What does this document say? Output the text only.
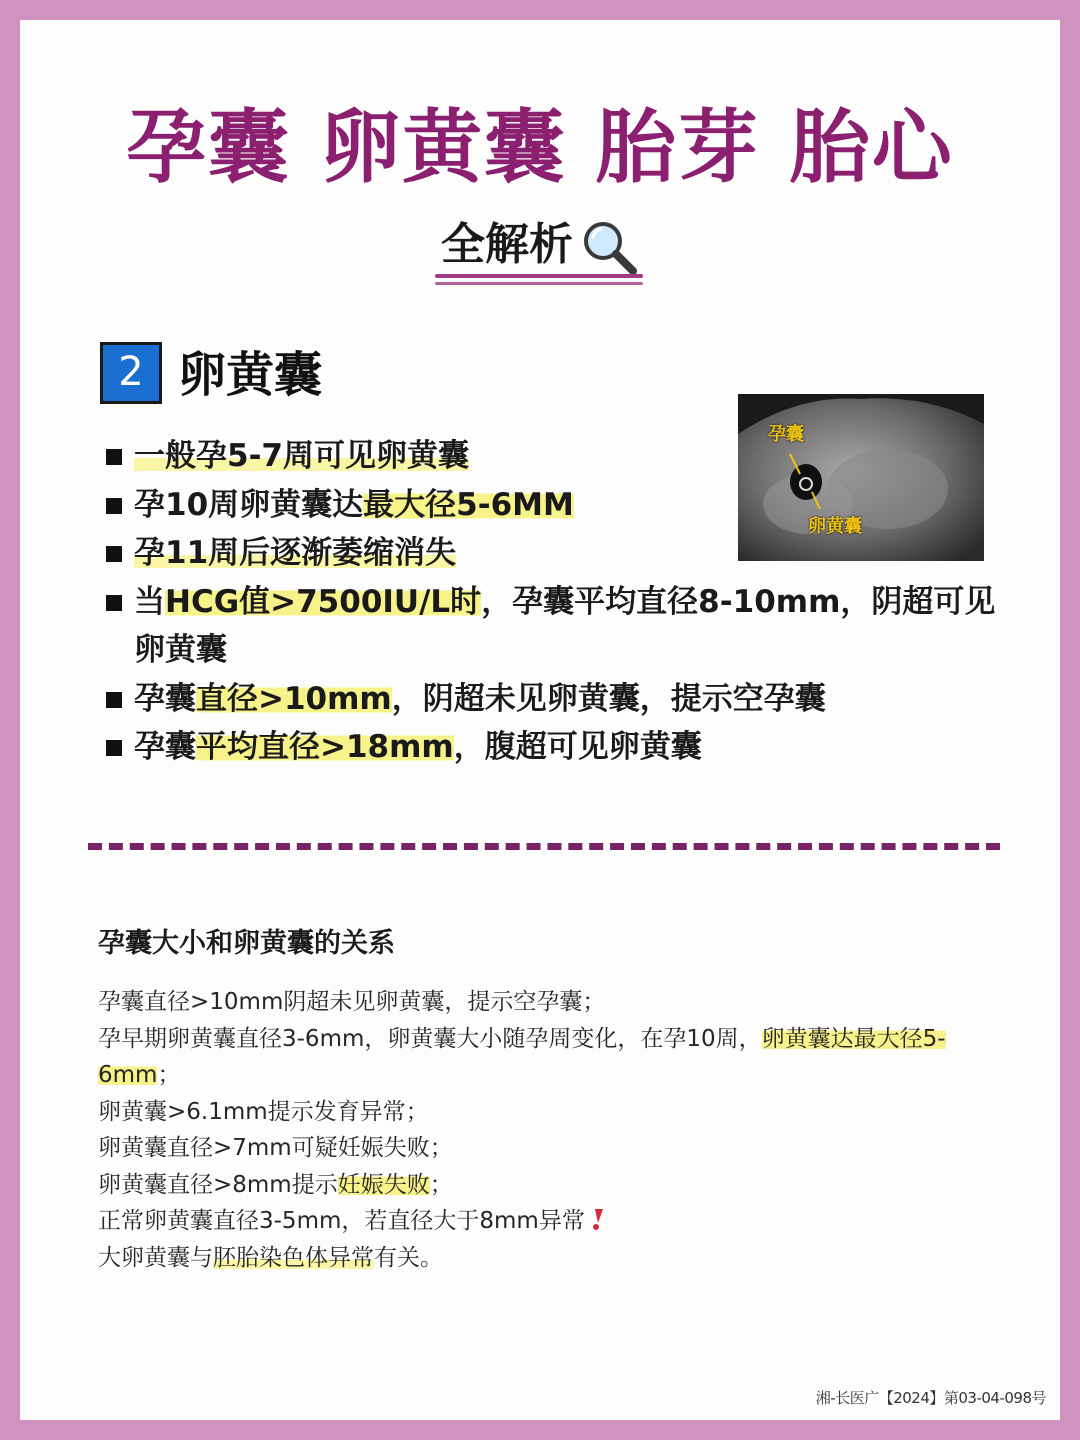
孕囊 卵黄囊 胎芽 胎心
全解析
2 卵黄囊
孕囊
卵黄囊
一般孕5-7周可见卵黄囊
孕10周卵黄囊达最大径5-6MM
孕11周后逐渐萎缩消失
当HCG值>7500IU/L时，孕囊平均直径8-10mm，阴超可见卵黄囊
孕囊直径>10mm，阴超未见卵黄囊，提示空孕囊
孕囊平均直径>18mm，腹超可见卵黄囊
孕囊大小和卵黄囊的关系
孕囊直径>10mm阴超未见卵黄囊，提示空孕囊；
孕早期卵黄囊直径3-6mm，卵黄囊大小随孕周变化，在孕10周，卵黄囊达最大径5-6mm；
卵黄囊>6.1mm提示发育异常；
卵黄囊直径>7mm可疑妊娠失败；
卵黄囊直径>8mm提示妊娠失败；
正常卵黄囊直径3-5mm，若直径大于8mm异常
大卵黄囊与胚胎染色体异常有关。
湘-长医广【2024】第03-04-098号
